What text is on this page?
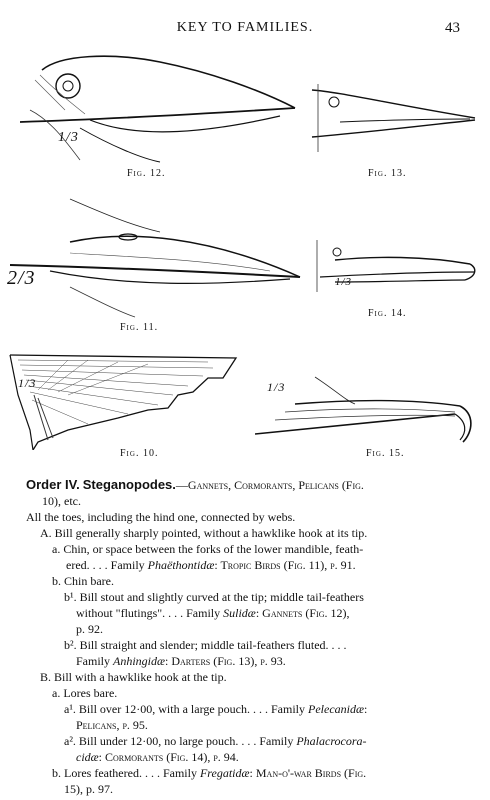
KEY TO FAMILIES.	43
1/3
Fig. 12.	Fig. 13.
2/3
Fig. 11.
1/3
Fig. 14.
1/3
Fig. 10.
1/3
Fig. 15.
Order IV. Steganopodes.—Gannets, Cormorants, Pelicans (Fig.
10), etc.
All the toes, including the hind one, connected by webs.
A. Bill generally sharply pointed, without a hawklike hook at its tip.
a. Chin, or space between the forks of the lower mandible, feath-
ered. . . . Family Phaëthontidæ: Tropic Birds (Fig. 11), p. 91.
b. Chin bare.
b¹. Bill stout and slightly curved at the tip; middle tail-feathers
without "flutings". . . . Family Sulidæ: Gannets (Fig. 12),
p. 92.
b². Bill straight and slender; middle tail-feathers fluted. . . .
Family Anhingidæ: Darters (Fig. 13), p. 93.
B. Bill with a hawklike hook at the tip.
a. Lores bare.
a¹. Bill over 12·00, with a large pouch. . . . Family Pelecanidæ:
Pelicans, p. 95.
a². Bill under 12·00, no large pouch. . . . Family Phalacrocora-
cidæ: Cormorants (Fig. 14), p. 94.
b. Lores feathered. . . . Family Fregatidæ: Man-o'-war Birds (Fig.
15), p. 97.
